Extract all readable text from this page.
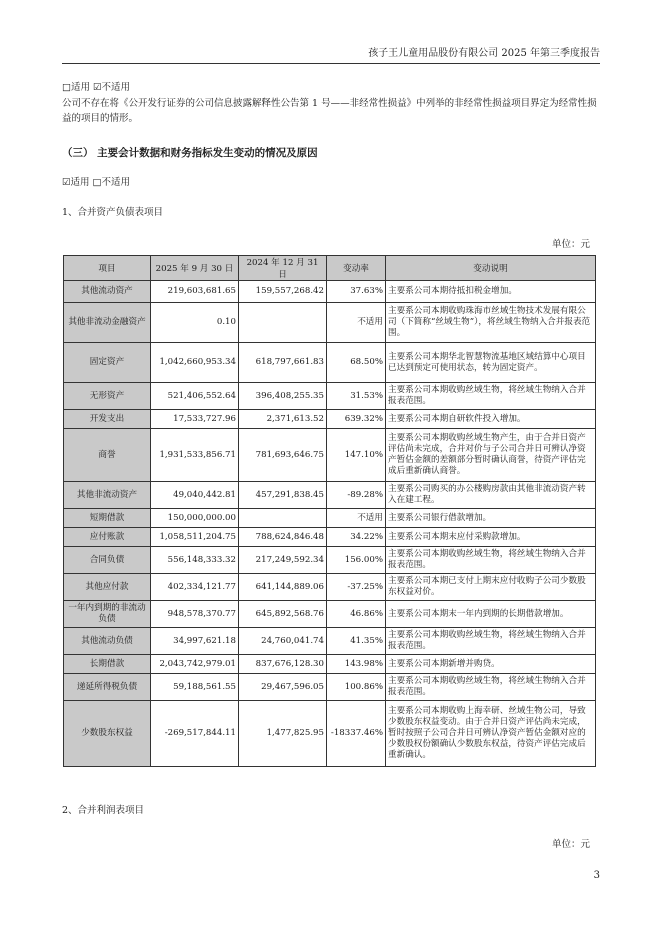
孩子王儿童用品股份有限公司 2025 年第三季度报告
□适用 ☑不适用
公司不存在将《公开发行证券的公司信息披露解释性公告第 1 号——非经常性损益》中列举的非经常性损益项目界定为经常性损益的项目的情形。
（三） 主要会计数据和财务指标发生变动的情况及原因
☑适用 □不适用
1、合并资产负债表项目
单位：元
项目	2025 年 9 月 30 日	2024 年 12 月 31 日	变动率	变动说明
其他流动资产	219,603,681.65	159,557,268.42	37.63%	主要系公司本期待抵扣税金增加。
其他非流动金融资产	0.10		不适用	主要系公司本期收购珠海市丝域生物技术发展有限公司（下简称“丝域生物”），将丝域生物纳入合并报表范围。
固定资产	1,042,660,953.34	618,797,661.83	68.50%	主要系公司本期华北智慧物流基地区域结算中心项目已达到预定可使用状态，转为固定资产。
无形资产	521,406,552.64	396,408,255.35	31.53%	主要系公司本期收购丝域生物，将丝域生物纳入合并报表范围。
开发支出	17,533,727.96	2,371,613.52	639.32%	主要系公司本期自研软件投入增加。
商誉	1,931,533,856.71	781,693,646.75	147.10%	主要系公司本期收购丝域生物产生，由于合并日资产评估尚未完成，合并对价与子公司合并日可辨认净资产暂估金额的差额部分暂时确认商誉，待资产评估完成后重新确认商誉。
其他非流动资产	49,040,442.81	457,291,838.45	-89.28%	主要系公司购买的办公楼购房款由其他非流动资产转入在建工程。
短期借款	150,000,000.00		不适用	主要系公司银行借款增加。
应付账款	1,058,511,204.75	788,624,846.48	34.22%	主要系公司本期末应付采购款增加。
合同负债	556,148,333.32	217,249,592.34	156.00%	主要系公司本期收购丝域生物，将丝域生物纳入合并报表范围。
其他应付款	402,334,121.77	641,144,889.06	-37.25%	主要系公司本期已支付上期末应付收购子公司少数股东权益对价。
一年内到期的非流动负债	948,578,370.77	645,892,568.76	46.86%	主要系公司本期末一年内到期的长期借款增加。
其他流动负债	34,997,621.18	24,760,041.74	41.35%	主要系公司本期收购丝域生物，将丝域生物纳入合并报表范围。
长期借款	2,043,742,979.01	837,676,128.30	143.98%	主要系公司本期新增并购贷。
递延所得税负债	59,188,561.55	29,467,596.05	100.86%	主要系公司本期收购丝域生物，将丝域生物纳入合并报表范围。
少数股东权益	-269,517,844.11	1,477,825.95	-18337.46%	主要系公司本期收购上海幸研、丝域生物公司，导致少数股东权益变动。由于合并日资产评估尚未完成，暂时按照子公司合并日可辨认净资产暂估金额对应的少数股权份额确认少数股东权益，待资产评估完成后重新确认。
2、合并利润表项目
单位：元
3
